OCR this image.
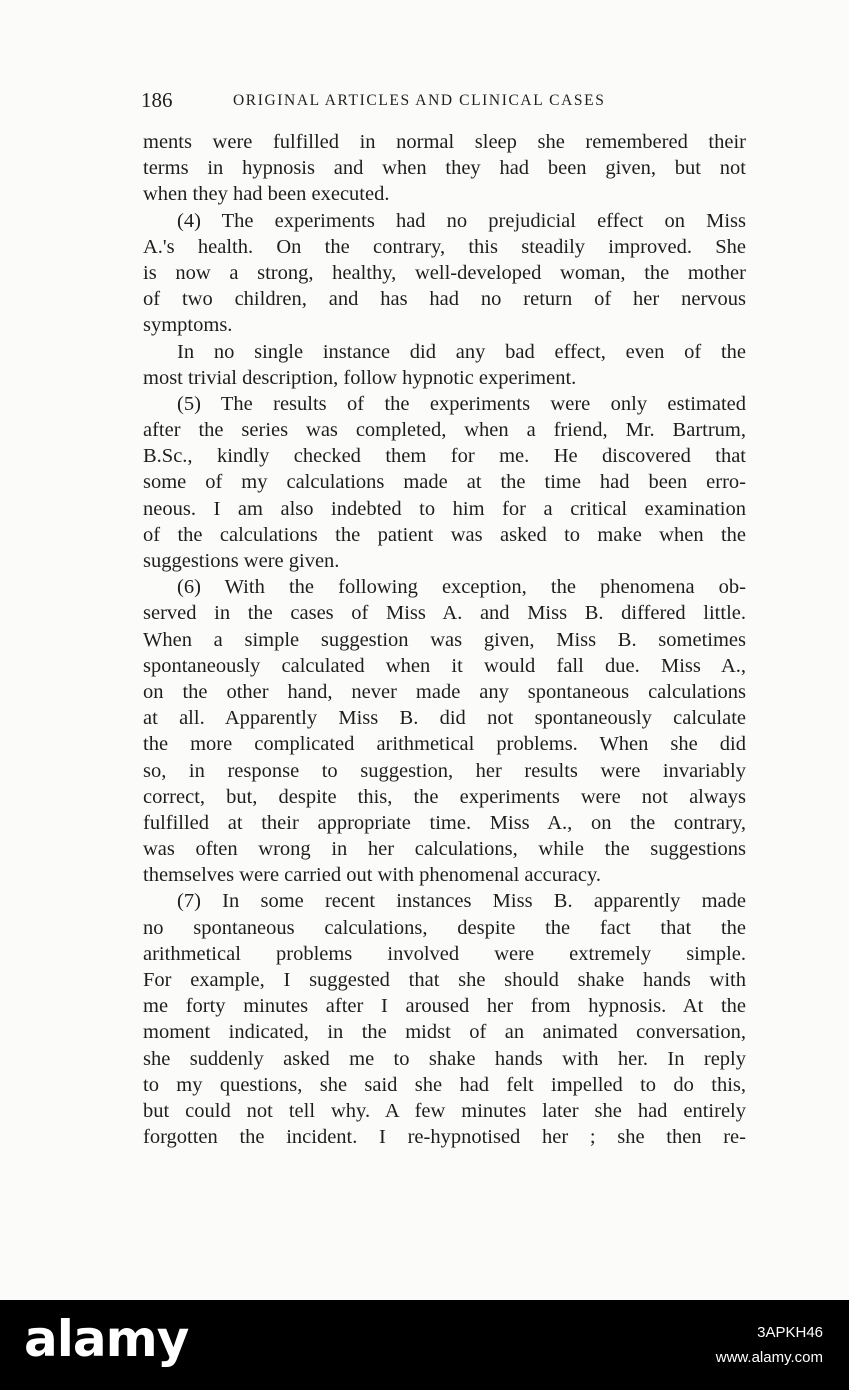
186	ORIGINAL ARTICLES AND CLINICAL CASES
ments were fulfilled in normal sleep she remembered their
terms in hypnosis and when they had been given, but not
when they had been executed.
(4) The experiments had no prejudicial effect on Miss
A.'s health. On the contrary, this steadily improved. She
is now a strong, healthy, well-developed woman, the mother
of two children, and has had no return of her nervous
symptoms.
In no single instance did any bad effect, even of the
most trivial description, follow hypnotic experiment.
(5) The results of the experiments were only estimated
after the series was completed, when a friend, Mr. Bartrum,
B.Sc., kindly checked them for me. He discovered that
some of my calculations made at the time had been erro-
neous. I am also indebted to him for a critical examination
of the calculations the patient was asked to make when the
suggestions were given.
(6) With the following exception, the phenomena ob-
served in the cases of Miss A. and Miss B. differed little.
When a simple suggestion was given, Miss B. sometimes
spontaneously calculated when it would fall due. Miss A.,
on the other hand, never made any spontaneous calculations
at all. Apparently Miss B. did not spontaneously calculate
the more complicated arithmetical problems. When she did
so, in response to suggestion, her results were invariably
correct, but, despite this, the experiments were not always
fulfilled at their appropriate time. Miss A., on the contrary,
was often wrong in her calculations, while the suggestions
themselves were carried out with phenomenal accuracy.
(7) In some recent instances Miss B. apparently made
no spontaneous calculations, despite the fact that the
arithmetical problems involved were extremely simple.
For example, I suggested that she should shake hands with
me forty minutes after I aroused her from hypnosis. At the
moment indicated, in the midst of an animated conversation,
she suddenly asked me to shake hands with her. In reply
to my questions, she said she had felt impelled to do this,
but could not tell why. A few minutes later she had entirely
forgotten the incident. I re-hypnotised her ; she then re-
alamy	3APKH46
www.alamy.com
